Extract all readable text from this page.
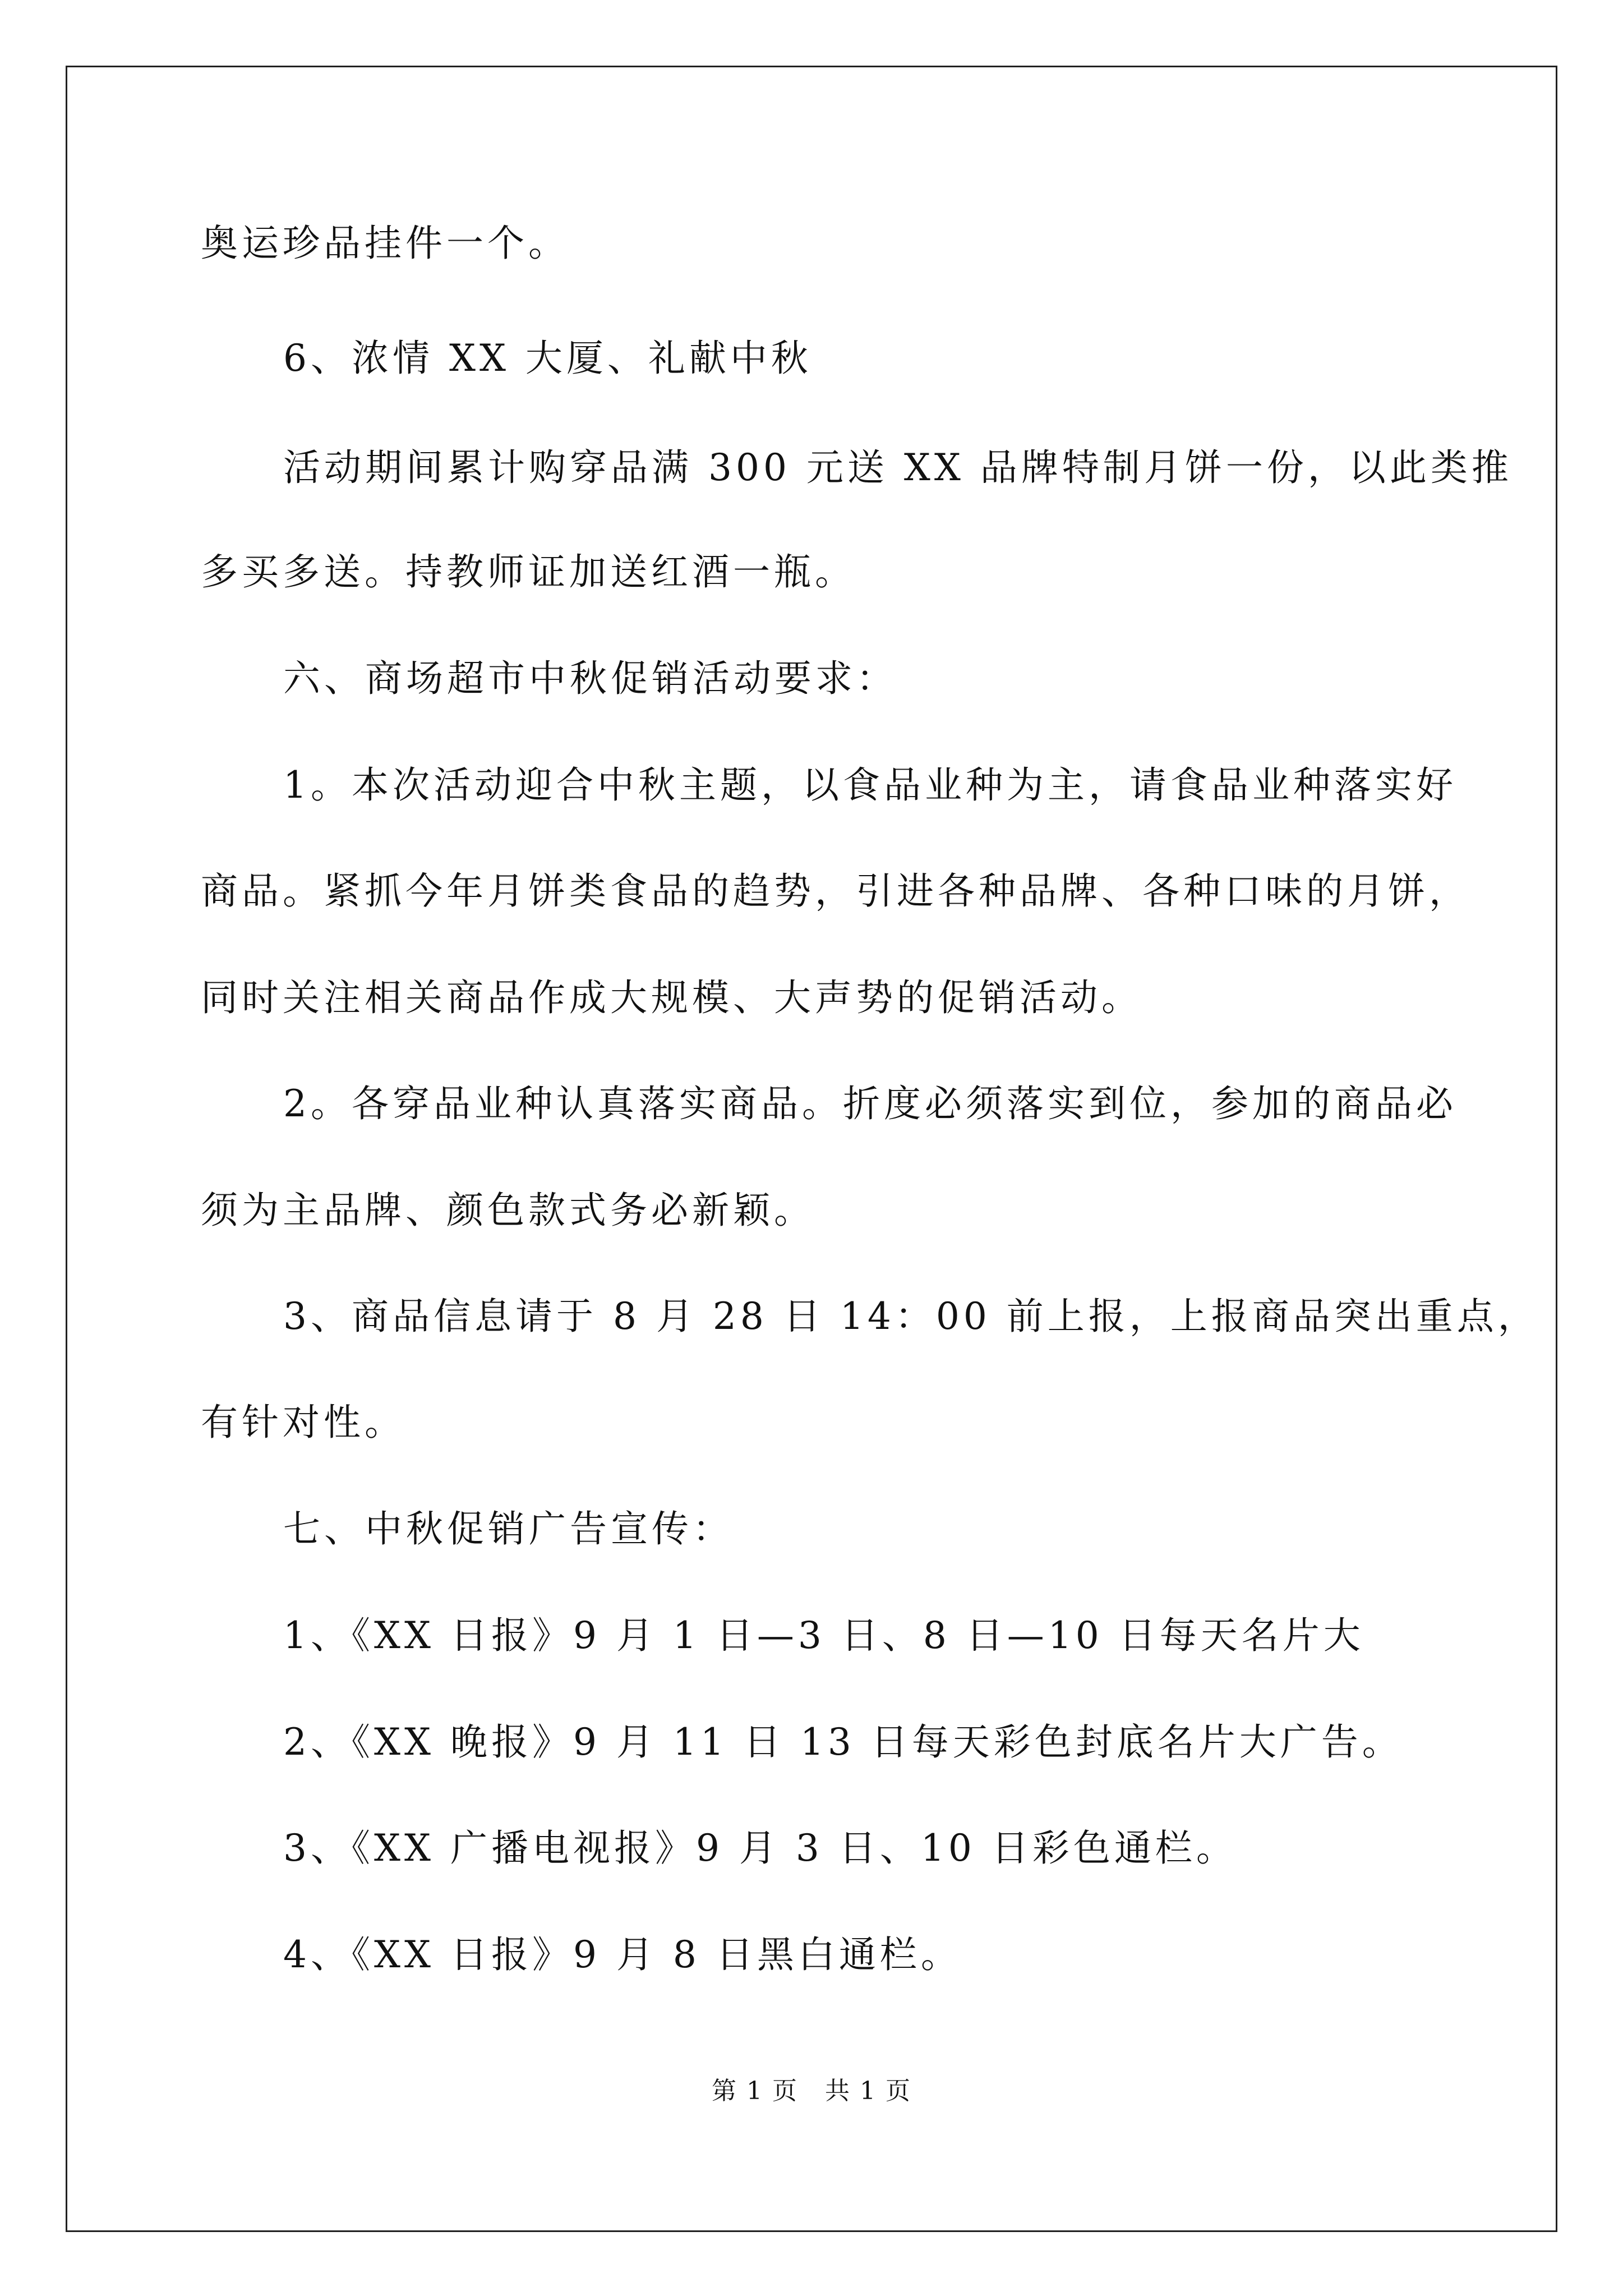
奥运珍品挂件一个。
6、浓情 XX 大厦、礼献中秋
活动期间累计购穿品满 300 元送 XX 品牌特制月饼一份，以此类推
多买多送。持教师证加送红酒一瓶。
六、商场超市中秋促销活动要求：
1。本次活动迎合中秋主题，以食品业种为主，请食品业种落实好
商品。紧抓今年月饼类食品的趋势，引进各种品牌、各种口味的月饼，
同时关注相关商品作成大规模、大声势的促销活动。
2。各穿品业种认真落实商品。折度必须落实到位，参加的商品必
须为主品牌、颜色款式务必新颖。
3、商品信息请于 8 月 28 日 14：00 前上报，上报商品突出重点，
有针对性。
七、中秋促销广告宣传：
1、《XX 日报》9 月 1 日—3 日、8 日—10 日每天名片大
2、《XX 晚报》9 月 11 日 13 日每天彩色封底名片大广告。
3、《XX 广播电视报》9 月 3 日、10 日彩色通栏。
4、《XX 日报》9 月 8 日黑白通栏。
第 1 页   共 1 页
